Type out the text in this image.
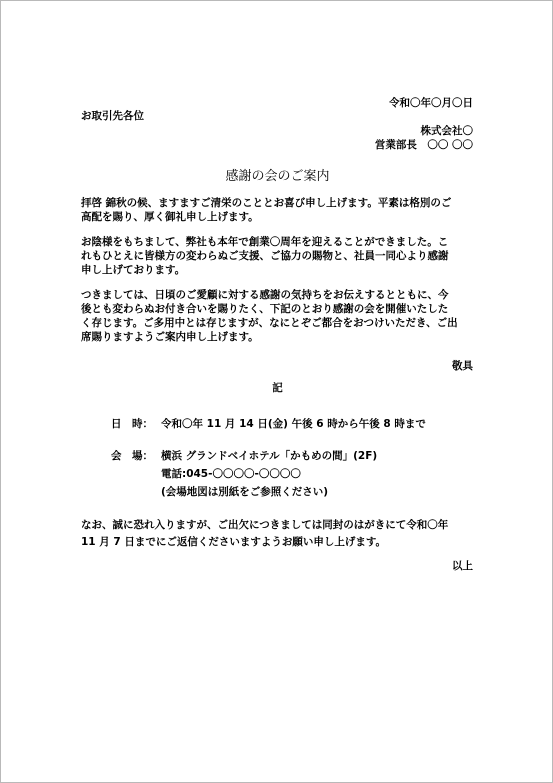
令和〇年〇月〇日
お取引先各位
株式会社〇
営業部長　〇〇 〇〇
感謝の会のご案内
拝啓 錦秋の候、ますますご清栄のこととお喜び申し上げます。平素は格別のご
高配を賜り、厚く御礼申し上げます。
お陰様をもちまして、弊社も本年で創業〇周年を迎えることができました。こ
れもひとえに皆様方の変わらぬご支援、ご協力の賜物と、社員一同心より感謝
申し上げております。
つきましては、日頃のご愛顧に対する感謝の気持ちをお伝えするとともに、今
後とも変わらぬお付き合いを賜りたく、下記のとおり感謝の会を開催いたした
く存じます。ご多用中とは存じますが、なにとぞご都合をおつけいただき、ご出
席賜りますようご案内申し上げます。
敬具
記
日　時： 令和〇年 11 月 14 日(金) 午後 6 時から午後 8 時まで
会　場： 横浜 グランドベイホテル「かもめの間」(2F)
電話:045-〇〇〇〇-〇〇〇〇
(会場地図は別紙をご参照ください)
なお、誠に恐れ入りますが、ご出欠につきましては同封のはがきにて令和〇年
11 月 7 日までにご返信くださいますようお願い申し上げます。
以上
